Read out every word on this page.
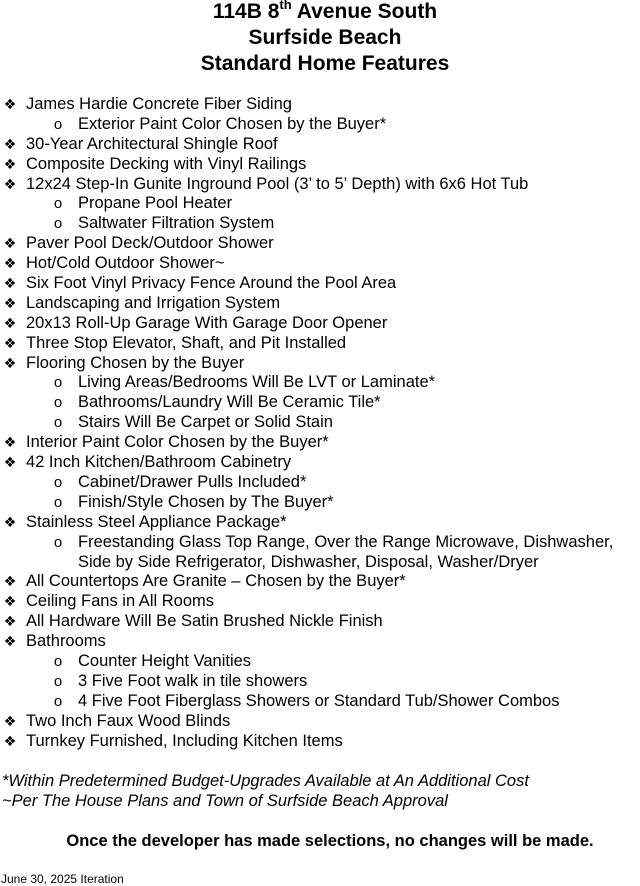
114B 8th Avenue South
Surfside Beach
Standard Home Features
❖ James Hardie Concrete Fiber Siding
o Exterior Paint Color Chosen by the Buyer*
❖ 30-Year Architectural Shingle Roof
❖ Composite Decking with Vinyl Railings
❖ 12x24 Step-In Gunite Inground Pool (3’ to 5’ Depth) with 6x6 Hot Tub
o Propane Pool Heater
o Saltwater Filtration System
❖ Paver Pool Deck/Outdoor Shower
❖ Hot/Cold Outdoor Shower~
❖ Six Foot Vinyl Privacy Fence Around the Pool Area
❖ Landscaping and Irrigation System
❖ 20x13 Roll-Up Garage With Garage Door Opener
❖ Three Stop Elevator, Shaft, and Pit Installed
❖ Flooring Chosen by the Buyer
o Living Areas/Bedrooms Will Be LVT or Laminate*
o Bathrooms/Laundry Will Be Ceramic Tile*
o Stairs Will Be Carpet or Solid Stain
❖ Interior Paint Color Chosen by the Buyer*
❖ 42 Inch Kitchen/Bathroom Cabinetry
o Cabinet/Drawer Pulls Included*
o Finish/Style Chosen by The Buyer*
❖ Stainless Steel Appliance Package*
o Freestanding Glass Top Range, Over the Range Microwave, Dishwasher, Side by Side Refrigerator, Dishwasher, Disposal, Washer/Dryer
❖ All Countertops Are Granite – Chosen by the Buyer*
❖ Ceiling Fans in All Rooms
❖ All Hardware Will Be Satin Brushed Nickle Finish
❖ Bathrooms
o Counter Height Vanities
o 3 Five Foot walk in tile showers
o 4 Five Foot Fiberglass Showers or Standard Tub/Shower Combos
❖ Two Inch Faux Wood Blinds
❖ Turnkey Furnished, Including Kitchen Items
*Within Predetermined Budget-Upgrades Available at An Additional Cost
~Per The House Plans and Town of Surfside Beach Approval
Once the developer has made selections, no changes will be made.
June 30, 2025 Iteration
